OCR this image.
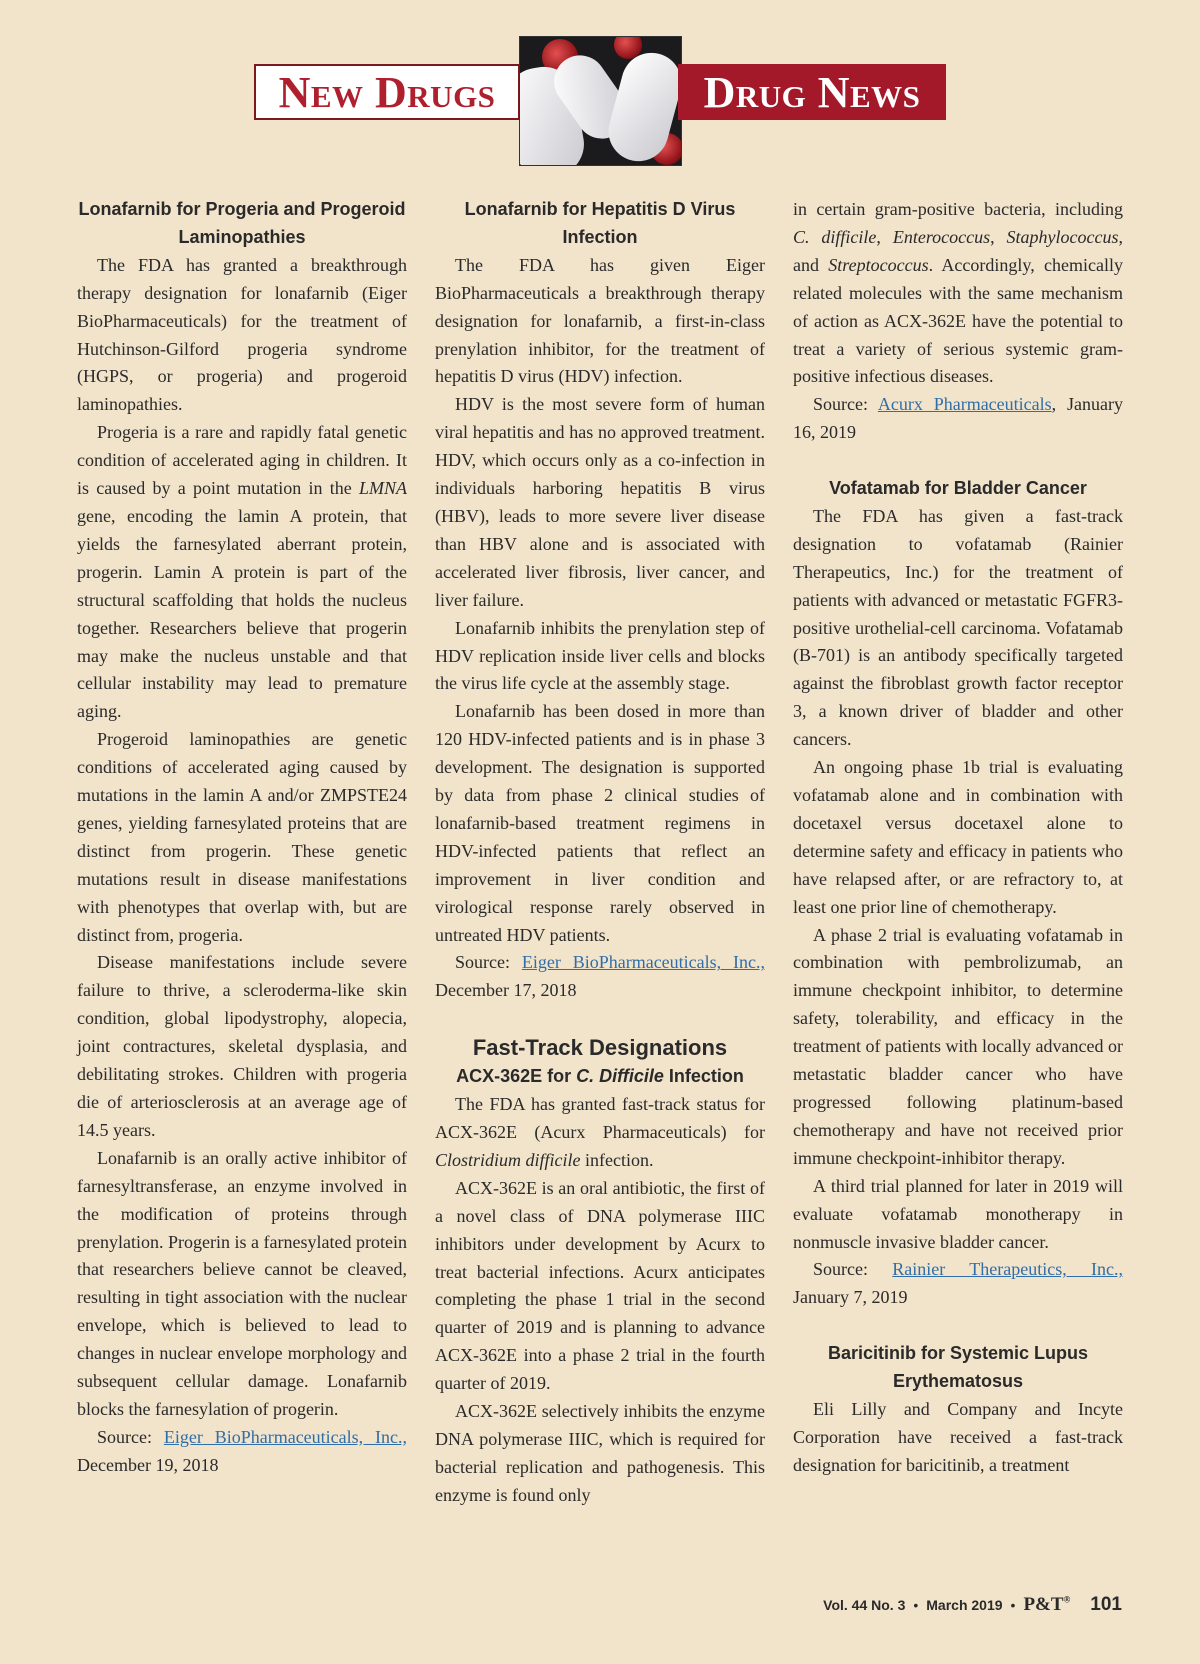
New Drugs	Drug News
Lonafarnib for Progeria and Progeroid Laminopathies

The FDA has granted a breakthrough therapy designation for lonafarnib (Eiger BioPharmaceuticals) for the treatment of Hutchinson-Gilford progeria syndrome (HGPS, or progeria) and progeroid laminopathies.

Progeria is a rare and rapidly fatal genetic condition of accelerated aging in children. It is caused by a point mutation in the LMNA gene, encoding the lamin A protein, that yields the farnesylated aberrant protein, progerin. Lamin A protein is part of the structural scaffolding that holds the nucleus together. Researchers believe that progerin may make the nucleus unstable and that cellular instability may lead to premature aging.

Progeroid laminopathies are genetic conditions of accelerated aging caused by mutations in the lamin A and/or ZMPSTE24 genes, yielding farnesylated proteins that are distinct from progerin. These genetic mutations result in disease manifestations with phenotypes that overlap with, but are distinct from, progeria.

Disease manifestations include severe failure to thrive, a scleroderma-like skin condition, global lipodystrophy, alopecia, joint contractures, skeletal dysplasia, and debilitating strokes. Children with progeria die of arteriosclerosis at an average age of 14.5 years.

Lonafarnib is an orally active inhibitor of farnesyltransferase, an enzyme involved in the modification of proteins through prenylation. Progerin is a farnesylated protein that researchers believe cannot be cleaved, resulting in tight association with the nuclear envelope, which is believed to lead to changes in nuclear envelope morphology and subsequent cellular damage. Lonafarnib blocks the farnesylation of progerin.

Source: Eiger BioPharmaceuticals, Inc., December 19, 2018

Lonafarnib for Hepatitis D Virus Infection

The FDA has given Eiger BioPharmaceuticals a breakthrough therapy designation for lonafarnib, a first-in-class prenylation inhibitor, for the treatment of hepatitis D virus (HDV) infection.

HDV is the most severe form of human viral hepatitis and has no approved treatment. HDV, which occurs only as a co-infection in individuals harboring hepatitis B virus (HBV), leads to more severe liver disease than HBV alone and is associated with accelerated liver fibrosis, liver cancer, and liver failure.

Lonafarnib inhibits the prenylation step of HDV replication inside liver cells and blocks the virus life cycle at the assembly stage.

Lonafarnib has been dosed in more than 120 HDV-infected patients and is in phase 3 development. The designation is supported by data from phase 2 clinical studies of lonafarnib-based treatment regimens in HDV-infected patients that reflect an improvement in liver condition and virological response rarely observed in untreated HDV patients.

Source: Eiger BioPharmaceuticals, Inc., December 17, 2018

Fast-Track Designations
ACX-362E for C. Difficile Infection

The FDA has granted fast-track status for ACX-362E (Acurx Pharmaceuticals) for Clostridium difficile infection.

ACX-362E is an oral antibiotic, the first of a novel class of DNA polymerase IIIC inhibitors under development by Acurx to treat bacterial infections. Acurx anticipates completing the phase 1 trial in the second quarter of 2019 and is planning to advance ACX-362E into a phase 2 trial in the fourth quarter of 2019.

ACX-362E selectively inhibits the enzyme DNA polymerase IIIC, which is required for bacterial replication and pathogenesis. This enzyme is found only

in certain gram-positive bacteria, including C. difficile, Enterococcus, Staphylococcus, and Streptococcus. Accordingly, chemically related molecules with the same mechanism of action as ACX-362E have the potential to treat a variety of serious systemic gram-positive infectious diseases.

Source: Acurx Pharmaceuticals, January 16, 2019

Vofatamab for Bladder Cancer

The FDA has given a fast-track designation to vofatamab (Rainier Therapeutics, Inc.) for the treatment of patients with advanced or metastatic FGFR3-positive urothelial-cell carcinoma. Vofatamab (B-701) is an antibody specifically targeted against the fibroblast growth factor receptor 3, a known driver of bladder and other cancers.

An ongoing phase 1b trial is evaluating vofatamab alone and in combination with docetaxel versus docetaxel alone to determine safety and efficacy in patients who have relapsed after, or are refractory to, at least one prior line of chemotherapy.

A phase 2 trial is evaluating vofatamab in combination with pembrolizumab, an immune checkpoint inhibitor, to determine safety, tolerability, and efficacy in the treatment of patients with locally advanced or metastatic bladder cancer who have progressed following platinum-based chemotherapy and have not received prior immune checkpoint-inhibitor therapy.

A third trial planned for later in 2019 will evaluate vofatamab monotherapy in nonmuscle invasive bladder cancer.

Source: Rainier Therapeutics, Inc., January 7, 2019

Baricitinib for Systemic Lupus Erythematosus

Eli Lilly and Company and Incyte Corporation have received a fast-track designation for baricitinib, a treatment

Vol. 44 No. 3 • March 2019 • P&T® 101
